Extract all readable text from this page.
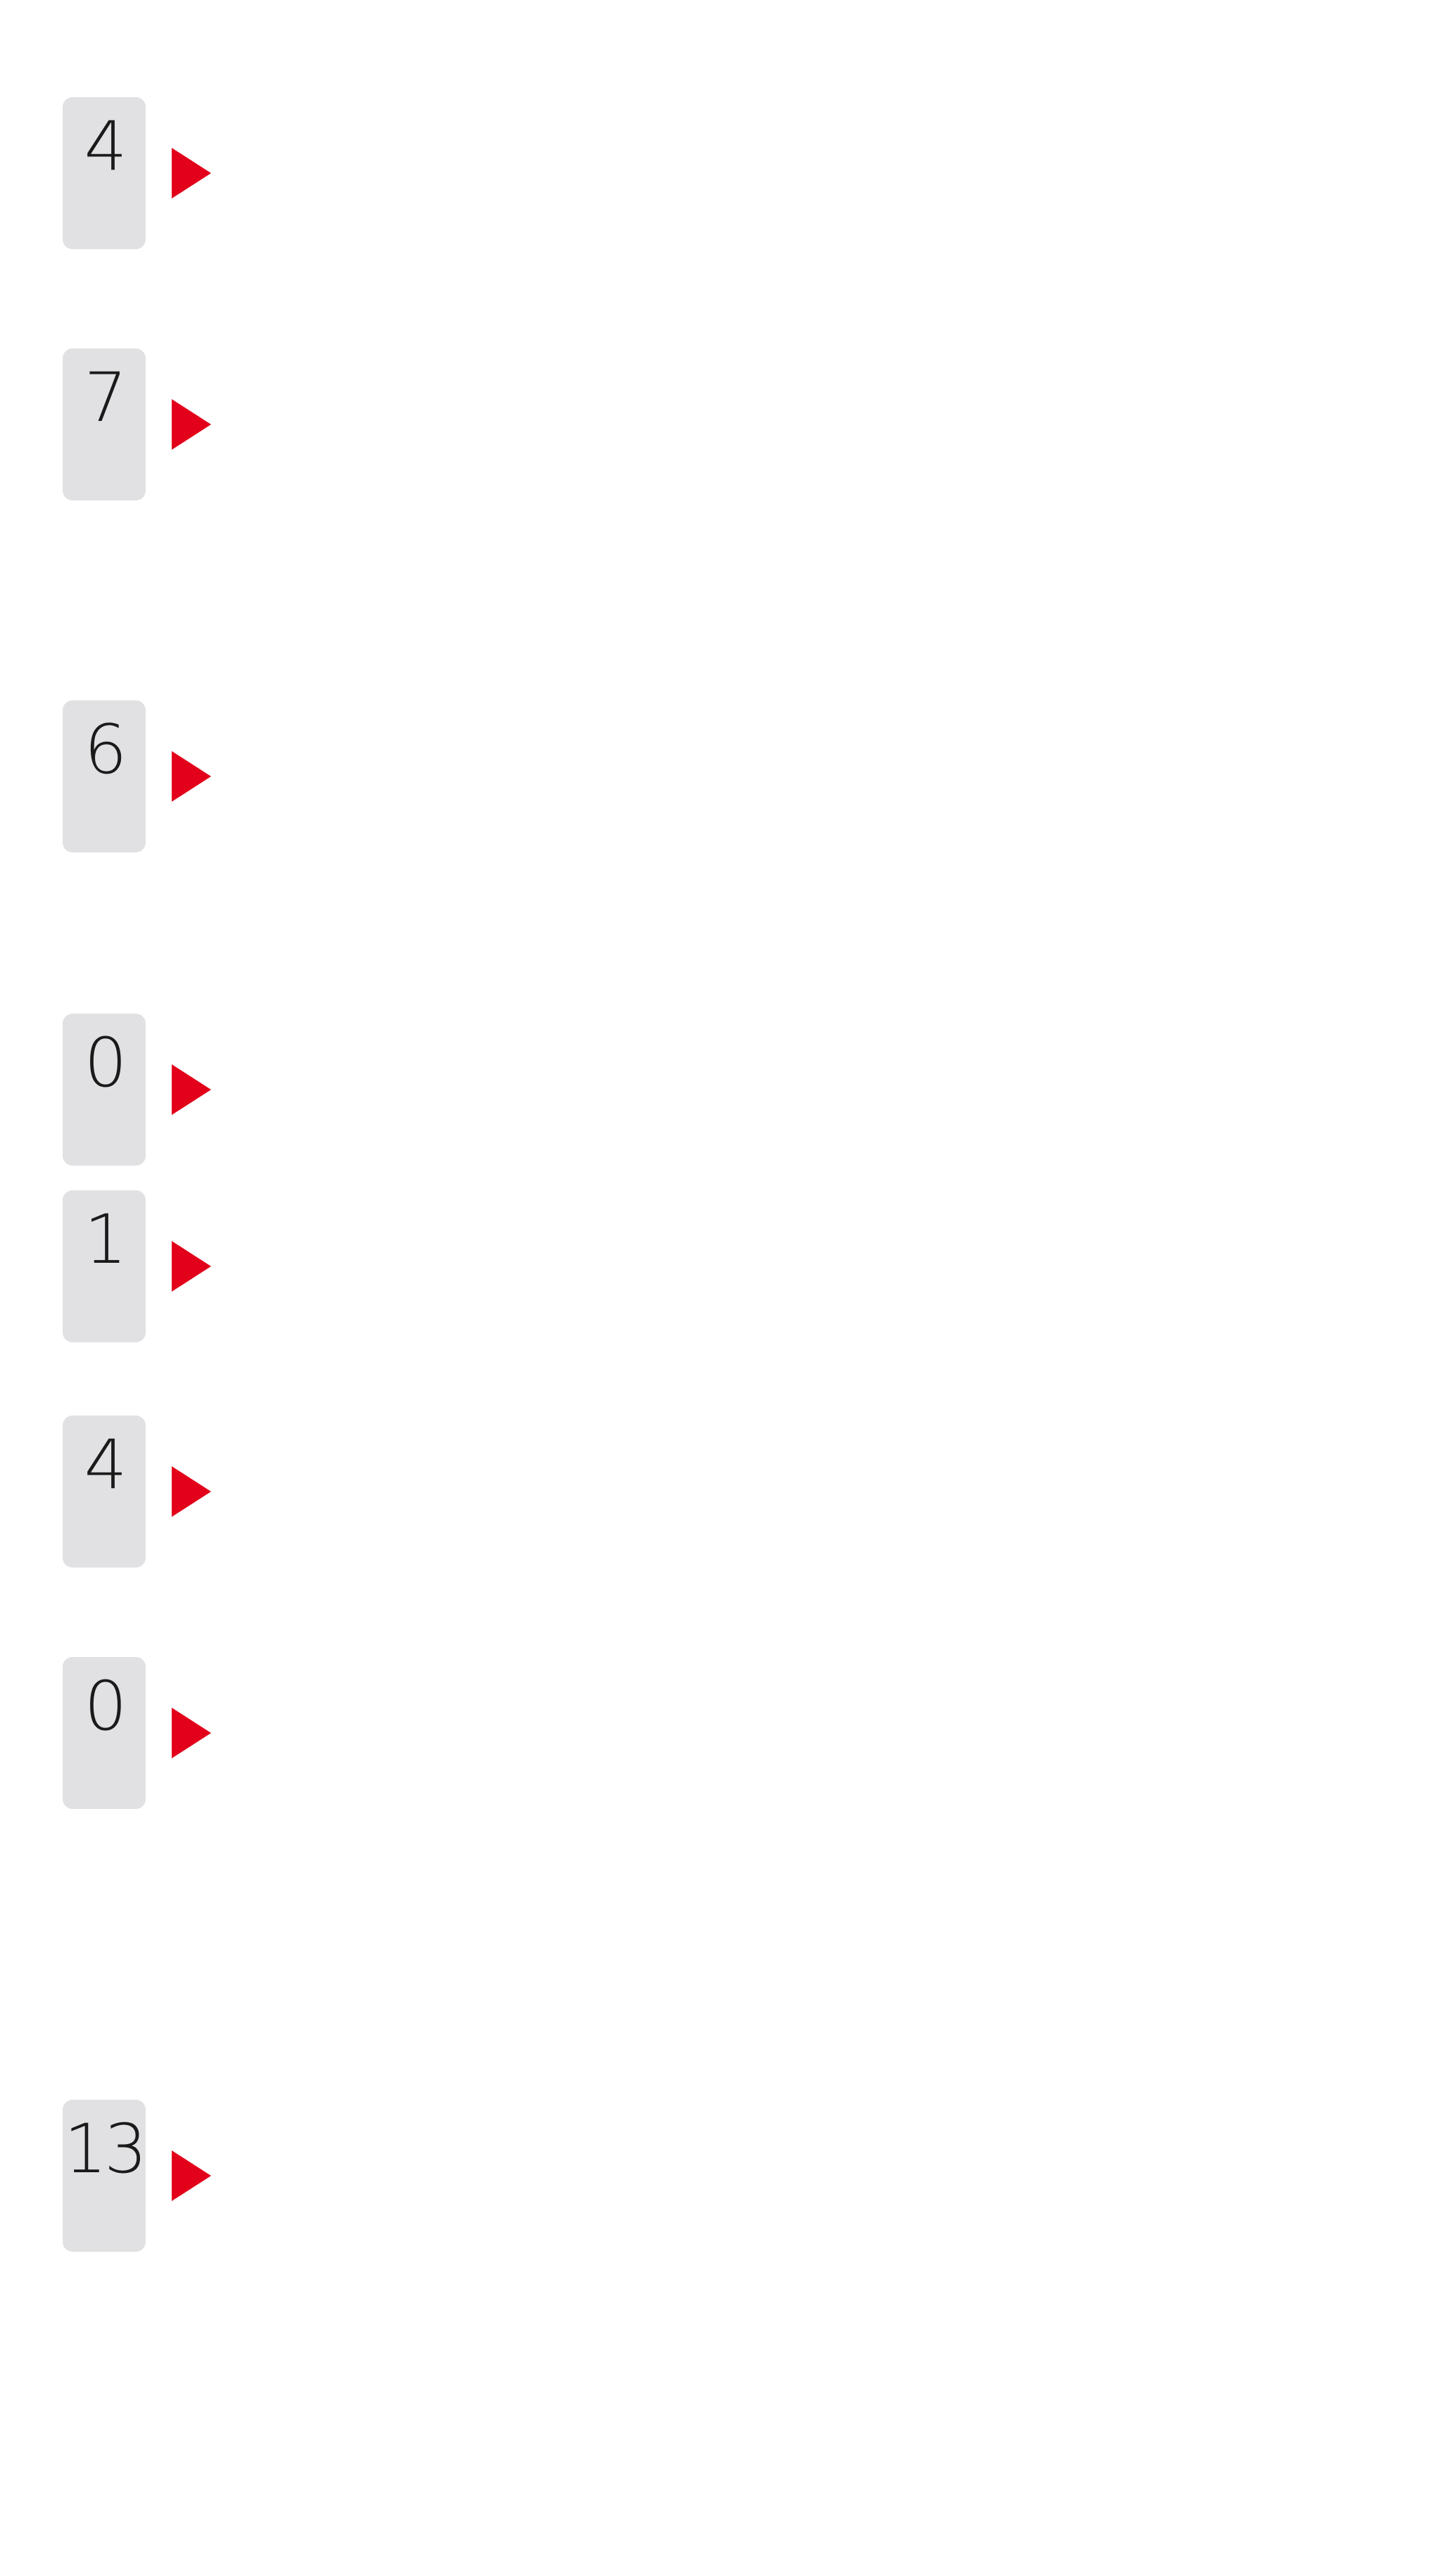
4
7
6
0
1
4
0
13
